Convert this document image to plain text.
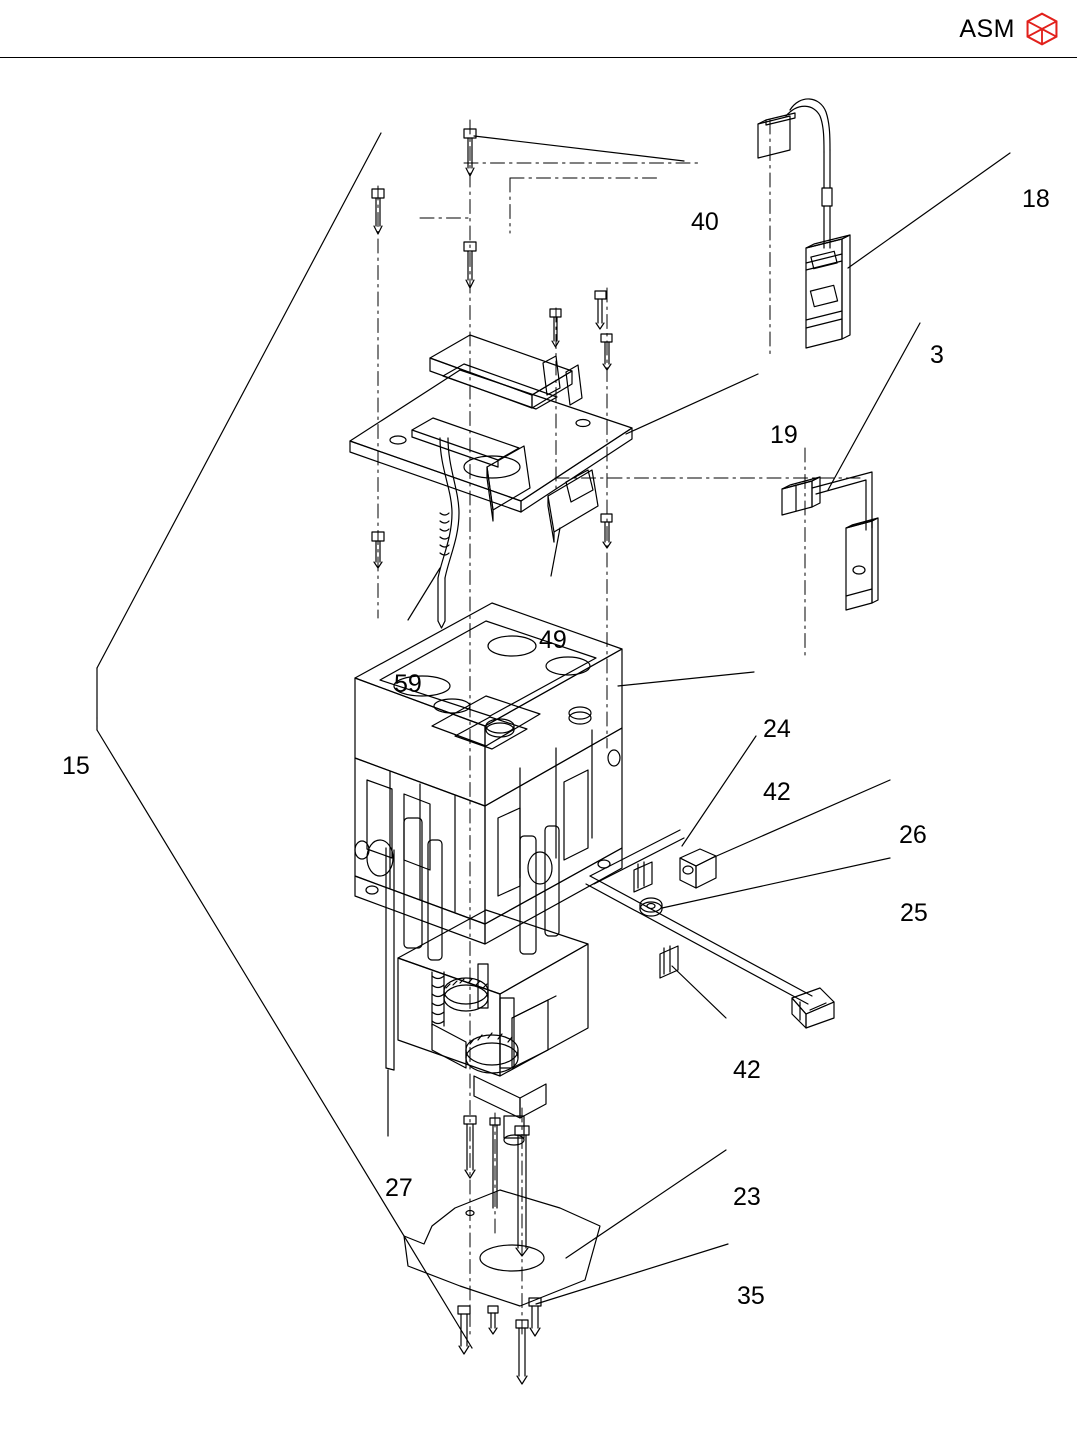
ASM
40
18
3
19
49
59
15
24
42
26
25
42
27	23
35
